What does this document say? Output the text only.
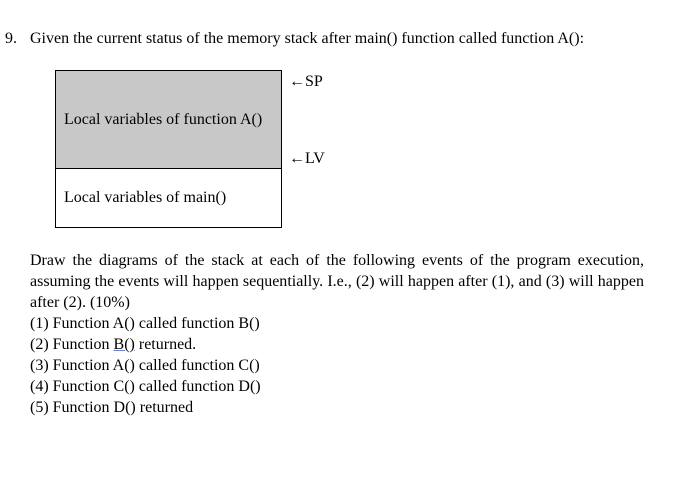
9. Given the current status of the memory stack after main() function called function A():
Local variables of function A()
Local variables of main()
←SP
←LV
Draw the diagrams of the stack at each of the following events of the program execution, assuming the events will happen sequentially. I.e., (2) will happen after (1), and (3) will happen after (2). (10%)
(1) Function A() called function B()
(2) Function B() returned.
(3) Function A() called function C()
(4) Function C() called function D()
(5) Function D() returned
